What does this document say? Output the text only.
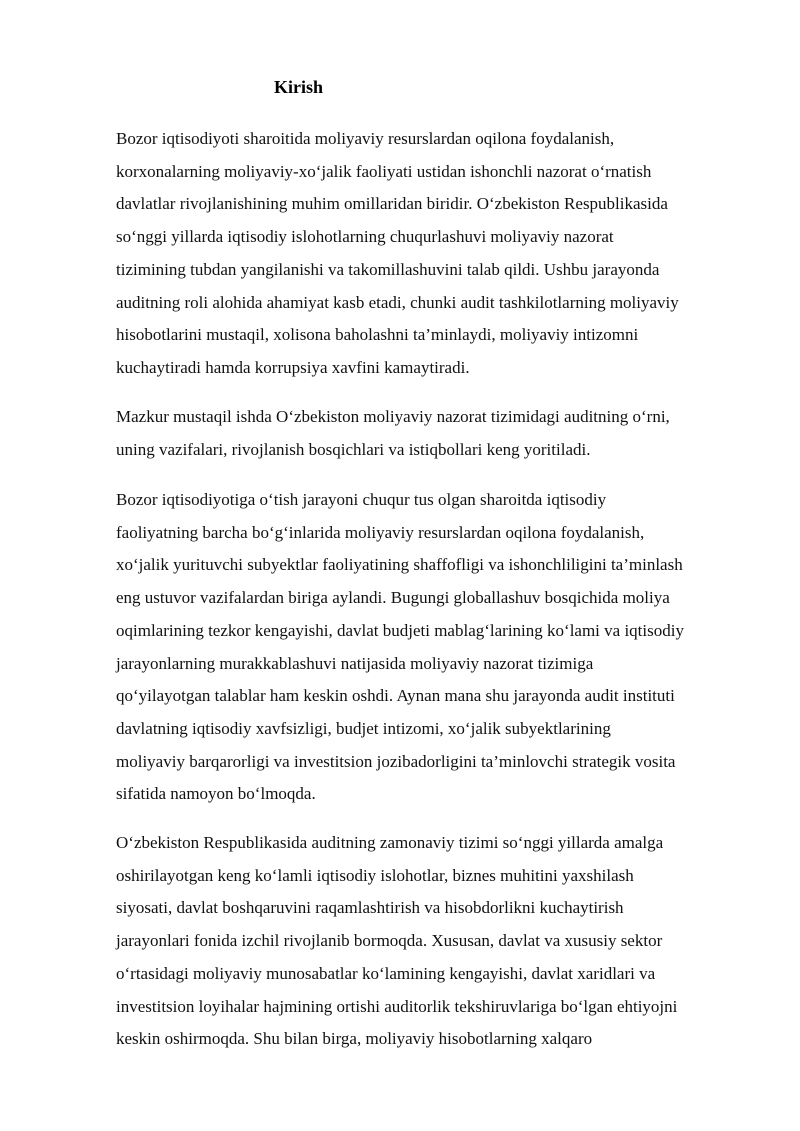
Kirish
Bozor iqtisodiyoti sharoitida moliyaviy resurslardan oqilona foydalanish,
korxonalarning moliyaviy-xo‘jalik faoliyati ustidan ishonchli nazorat o‘rnatish
davlatlar rivojlanishining muhim omillaridan biridir. O‘zbekiston Respublikasida
so‘nggi yillarda iqtisodiy islohotlarning chuqurlashuvi moliyaviy nazorat
tizimining tubdan yangilanishi va takomillashuvini talab qildi. Ushbu jarayonda
auditning roli alohida ahamiyat kasb etadi, chunki audit tashkilotlarning moliyaviy
hisobotlarini mustaqil, xolisona baholashni ta’minlaydi, moliyaviy intizomni
kuchaytiradi hamda korrupsiya xavfini kamaytiradi.
Mazkur mustaqil ishda O‘zbekiston moliyaviy nazorat tizimidagi auditning o‘rni,
uning vazifalari, rivojlanish bosqichlari va istiqbollari keng yoritiladi.
Bozor iqtisodiyotiga o‘tish jarayoni chuqur tus olgan sharoitda iqtisodiy
faoliyatning barcha bo‘g‘inlarida moliyaviy resurslardan oqilona foydalanish,
xo‘jalik yurituvchi subyektlar faoliyatining shaffofligi va ishonchliligini ta’minlash
eng ustuvor vazifalardan biriga aylandi. Bugungi globallashuv bosqichida moliya
oqimlarining tezkor kengayishi, davlat budjeti mablag‘larining ko‘lami va iqtisodiy
jarayonlarning murakkablashuvi natijasida moliyaviy nazorat tizimiga
qo‘yilayotgan talablar ham keskin oshdi. Aynan mana shu jarayonda audit instituti
davlatning iqtisodiy xavfsizligi, budjet intizomi, xo‘jalik subyektlarining
moliyaviy barqarorligi va investitsion jozibadorligini ta’minlovchi strategik vosita
sifatida namoyon bo‘lmoqda.
O‘zbekiston Respublikasida auditning zamonaviy tizimi so‘nggi yillarda amalga
oshirilayotgan keng ko‘lamli iqtisodiy islohotlar, biznes muhitini yaxshilash
siyosati, davlat boshqaruvini raqamlashtirish va hisobdorlikni kuchaytirish
jarayonlari fonida izchil rivojlanib bormoqda. Xususan, davlat va xususiy sektor
o‘rtasidagi moliyaviy munosabatlar ko‘lamining kengayishi, davlat xaridlari va
investitsion loyihalar hajmining ortishi auditorlik tekshiruvlariga bo‘lgan ehtiyojni
keskin oshirmoqda. Shu bilan birga, moliyaviy hisobotlarning xalqaro
